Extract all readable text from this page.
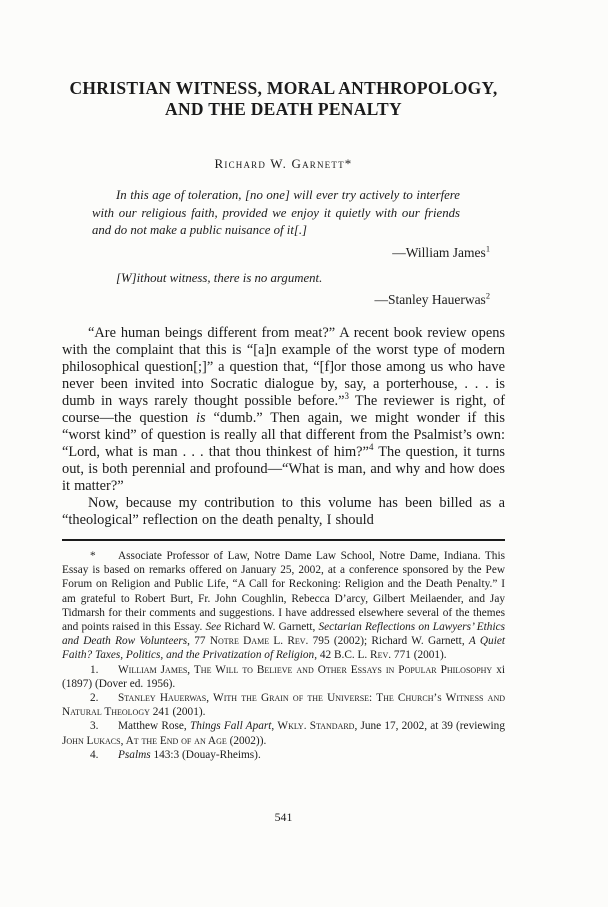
CHRISTIAN WITNESS, MORAL ANTHROPOLOGY,
AND THE DEATH PENALTY
Richard W. Garnett*

In this age of toleration, [no one] will ever try actively to interfere with our religious faith, provided we enjoy it quietly with our friends and do not make a public nuisance of it[.]

—William James$^1$

[W]ithout witness, there is no argument.

—Stanley Hauerwas$^2$

“Are human beings different from meat?” A recent book review opens with the complaint that this is “[a]n example of the worst type of modern philosophical question[;]” a question that, “[f]or those among us who have never been invited into Socratic dialogue by, say, a porterhouse, . . . is dumb in ways rarely thought possible before.”$^3$ The reviewer is right, of course—the question is “dumb.” Then again, we might wonder if this “worst kind” of question is really all that different from the Psalmist’s own: “Lord, what is man . . . that thou thinkest of him?”$^4$ The question, it turns out, is both perennial and profound—“What is man, and why and how does it matter?”

Now, because my contribution to this volume has been billed as a “theological” reflection on the death penalty, I should

* Associate Professor of Law, Notre Dame Law School, Notre Dame, Indiana. This Essay is based on remarks offered on January 25, 2002, at a conference sponsored by the Pew Forum on Religion and Public Life, “A Call for Reckoning: Religion and the Death Penalty.” I am grateful to Robert Burt, Fr. John Coughlin, Rebecca D’arcy, Gilbert Meilaender, and Jay Tidmarsh for their comments and suggestions. I have addressed elsewhere several of the themes and points raised in this Essay. See Richard W. Garnett, Sectarian Reflections on Lawyers’ Ethics and Death Row Volunteers, 77 Notre Dame L. Rev. 795 (2002); Richard W. Garnett, A Quiet Faith? Taxes, Politics, and the Privatization of Religion, 42 B.C. L. Rev. 771 (2001).

1. William James, The Will to Believe and Other Essays in Popular Philosophy xi (1897) (Dover ed. 1956).

2. Stanley Hauerwas, With the Grain of the Universe: The Church’s Witness and Natural Theology 241 (2001).

3. Matthew Rose, Things Fall Apart, Wkly. Standard, June 17, 2002, at 39 (reviewing John Lukacs, At the End of an Age (2002)).

4. Psalms 143:3 (Douay-Rheims).

541
